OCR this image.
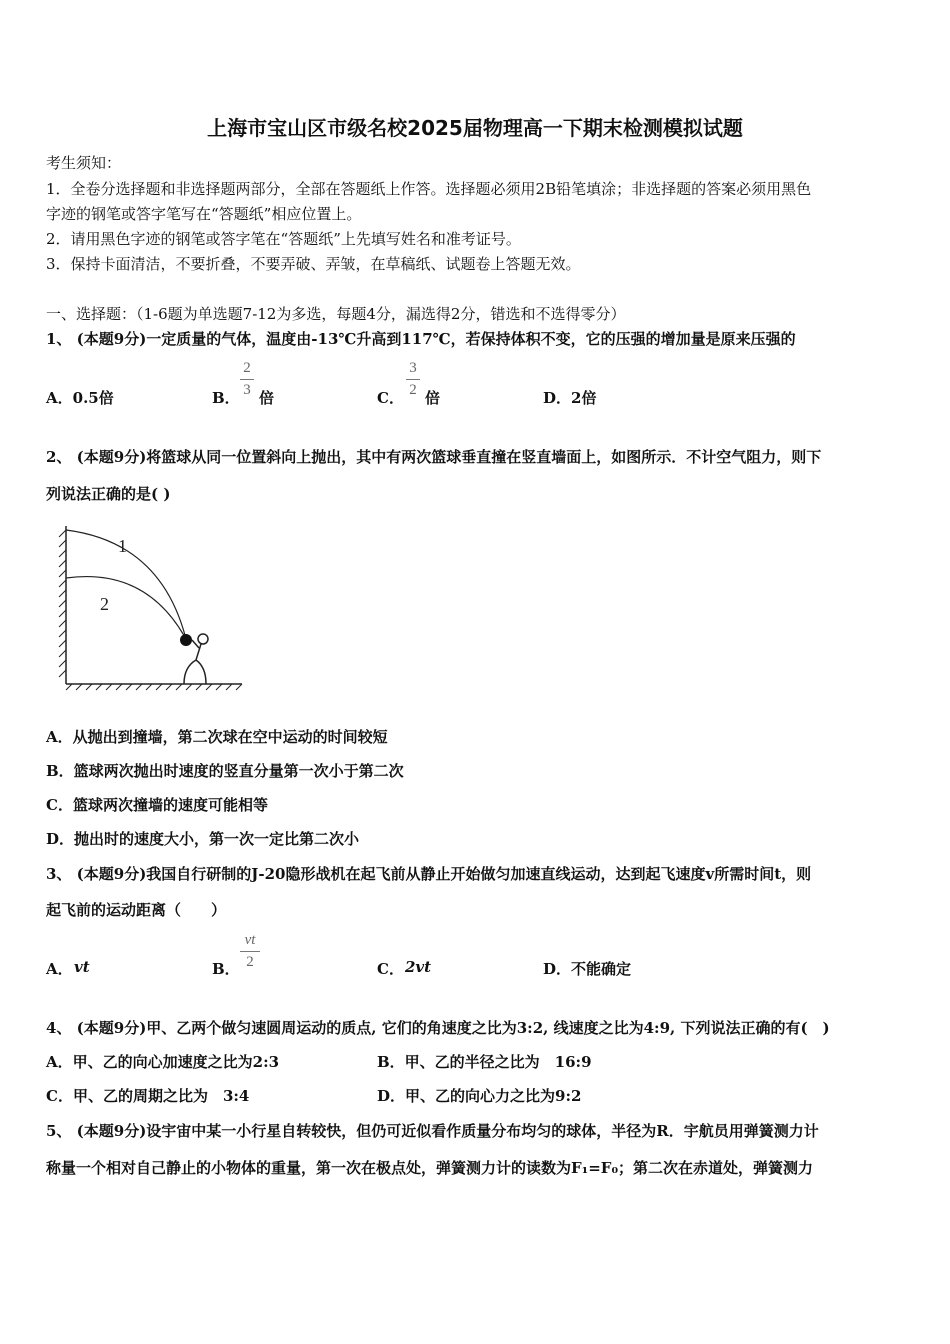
上海市宝山区市级名校2025届物理高一下期末检测模拟试题
考生须知：
1．全卷分选择题和非选择题两部分，全部在答题纸上作答。选择题必须用2B铅笔填涂；非选择题的答案必须用黑色
字迹的钢笔或答字笔写在“答题纸”相应位置上。
2．请用黑色字迹的钢笔或答字笔在“答题纸”上先填写姓名和准考证号。
3．保持卡面清洁，不要折叠，不要弄破、弄皱，在草稿纸、试题卷上答题无效。
一、选择题：（1-6题为单选题7-12为多选，每题4分，漏选得2分，错选和不选得零分）
1、 (本题9分)一定质量的气体，温度由-13℃升高到117℃，若保持体积不变，它的压强的增加量是原来压强的
A．0.5倍	B．
2
3 倍	C．
3
2 倍	D．2倍
2、 (本题9分)将篮球从同一位置斜向上抛出，其中有两次篮球垂直撞在竖直墙面上，如图所示．不计空气阻力，则下
列说法正确的是( )
1
2
A．从抛出到撞墙，第二次球在空中运动的时间较短
B．篮球两次抛出时速度的竖直分量第一次小于第二次
C．篮球两次撞墙的速度可能相等
D．抛出时的速度大小，第一次一定比第二次小
3、 (本题9分)我国自行研制的J-20隐形战机在起飞前从静止开始做匀加速直线运动，达到起飞速度v所需时间t，则
起飞前的运动距离（　　）
A． vt	B．
vt
2	C． 2vt	D．不能确定
4、 (本题9分)甲、乙两个做匀速圆周运动的质点, 它们的角速度之比为3:2, 线速度之比为4:9, 下列说法正确的有(　)
A．甲、乙的向心加速度之比为2:3	B．甲、乙的半径之比为　16:9
C．甲、乙的周期之比为　3:4	D．甲、乙的向心力之比为9:2
5、 (本题9分)设宇宙中某一小行星自转较快，但仍可近似看作质量分布均匀的球体，半径为R．宇航员用弹簧测力计
称量一个相对自己静止的小物体的重量，第一次在极点处，弹簧测力计的读数为F₁=F₀；第二次在赤道处，弹簧测力
